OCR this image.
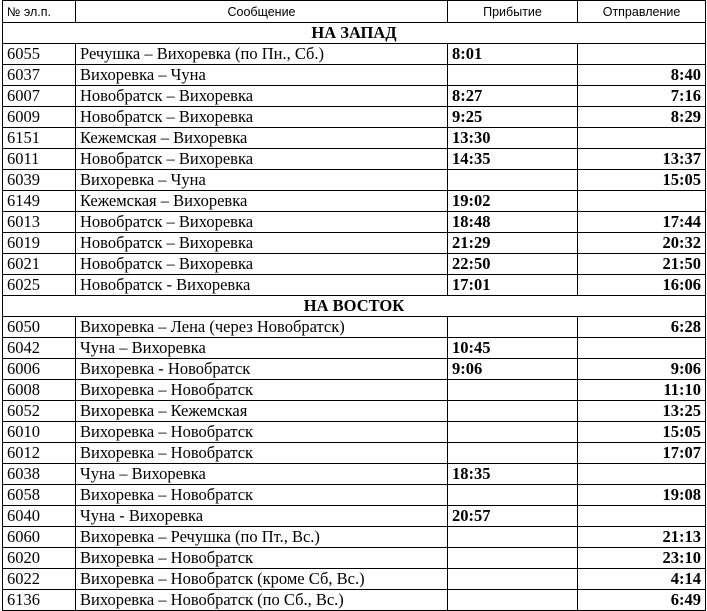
№ эл.п.	Сообщение	Прибытие	Отправление
НА ЗАПАД			
6055	Речушка – Вихоревка (по Пн., Сб.)	8:01	
6037	Вихоревка – Чуна		8:40
6007	Новобратск – Вихоревка	8:27	7:16
6009	Новобратск – Вихоревка	9:25	8:29
6151	Кежемская – Вихоревка	13:30	
6011	Новобратск – Вихоревка	14:35	13:37
6039	Вихоревка – Чуна		15:05
6149	Кежемская – Вихоревка	19:02	
6013	Новобратск – Вихоревка	18:48	17:44
6019	Новобратск – Вихоревка	21:29	20:32
6021	Новобратск – Вихоревка	22:50	21:50
6025	Новобратск - Вихоревка	17:01	16:06
НА ВОСТОК			
6050	Вихоревка – Лена (через Новобратск)		6:28
6042	Чуна – Вихоревка	10:45	
6006	Вихоревка - Новобратск	9:06	9:06
6008	Вихоревка – Новобратск		11:10
6052	Вихоревка – Кежемская		13:25
6010	Вихоревка – Новобратск		15:05
6012	Вихоревка – Новобратск		17:07
6038	Чуна – Вихоревка	18:35	
6058	Вихоревка – Новобратск		19:08
6040	Чуна - Вихоревка	20:57	
6060	Вихоревка – Речушка (по Пт., Вс.)		21:13
6020	Вихоревка – Новобратск		23:10
6022	Вихоревка – Новобратск (кроме Сб, Вс.)		4:14
6136	Вихоревка – Новобратск (по Сб., Вс.)		6:49
